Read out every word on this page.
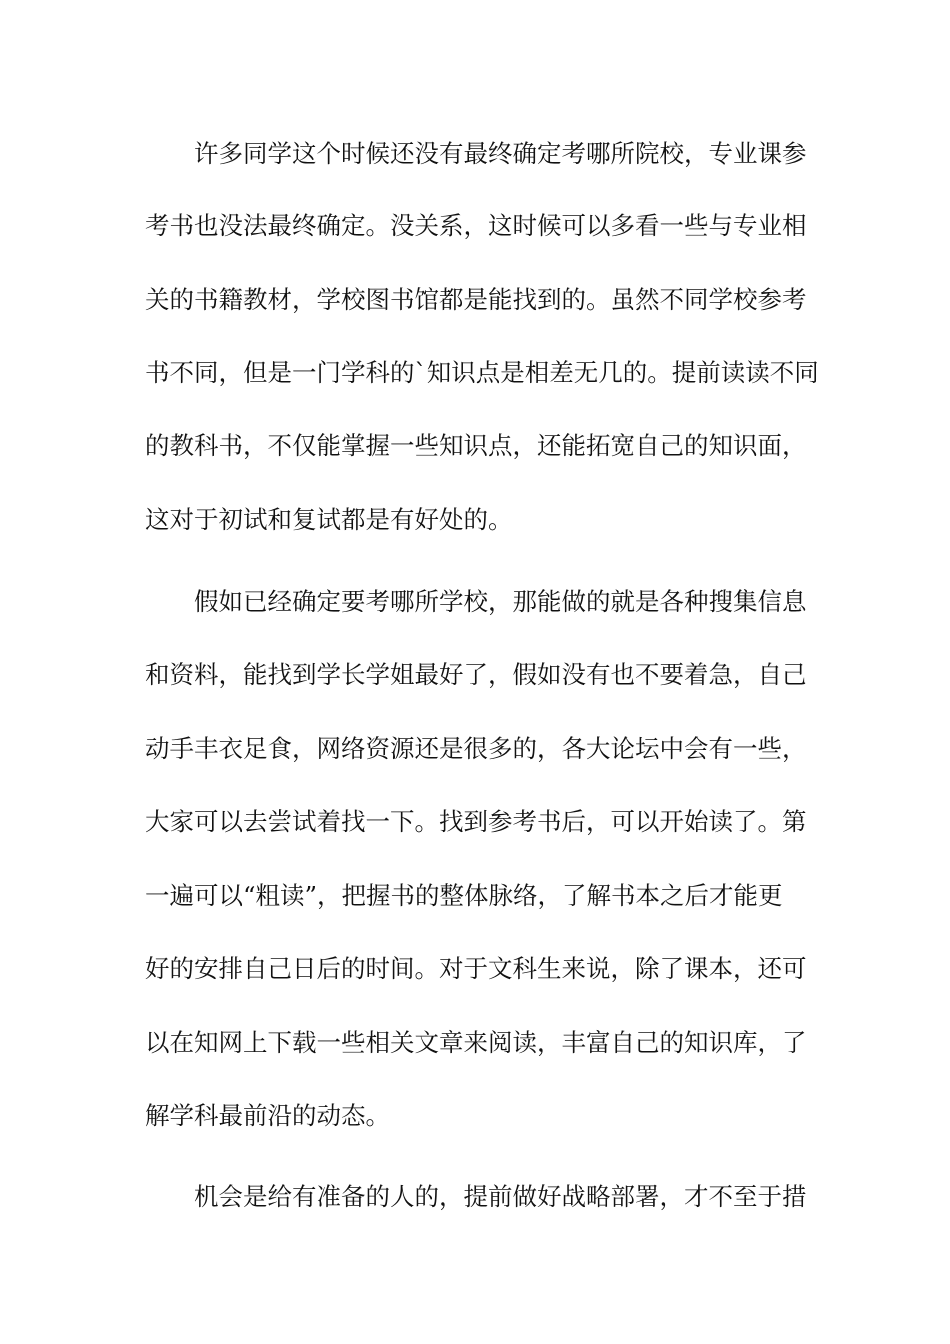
许多同学这个时候还没有最终确定考哪所院校，专业课参
考书也没法最终确定。没关系，这时候可以多看一些与专业相
关的书籍教材，学校图书馆都是能找到的。虽然不同学校参考
书不同，但是一门学科的`知识点是相差无几的。提前读读不同
的教科书，不仅能掌握一些知识点，还能拓宽自己的知识面，
这对于初试和复试都是有好处的。
假如已经确定要考哪所学校，那能做的就是各种搜集信息
和资料，能找到学长学姐最好了，假如没有也不要着急，自己
动手丰衣足食，网络资源还是很多的，各大论坛中会有一些，
大家可以去尝试着找一下。找到参考书后，可以开始读了。第
一遍可以“粗读”，把握书的整体脉络，了解书本之后才能更
好的安排自己日后的时间。对于文科生来说，除了课本，还可
以在知网上下载一些相关文章来阅读，丰富自己的知识库，了
解学科最前沿的动态。
机会是给有准备的人的，提前做好战略部署，才不至于措
